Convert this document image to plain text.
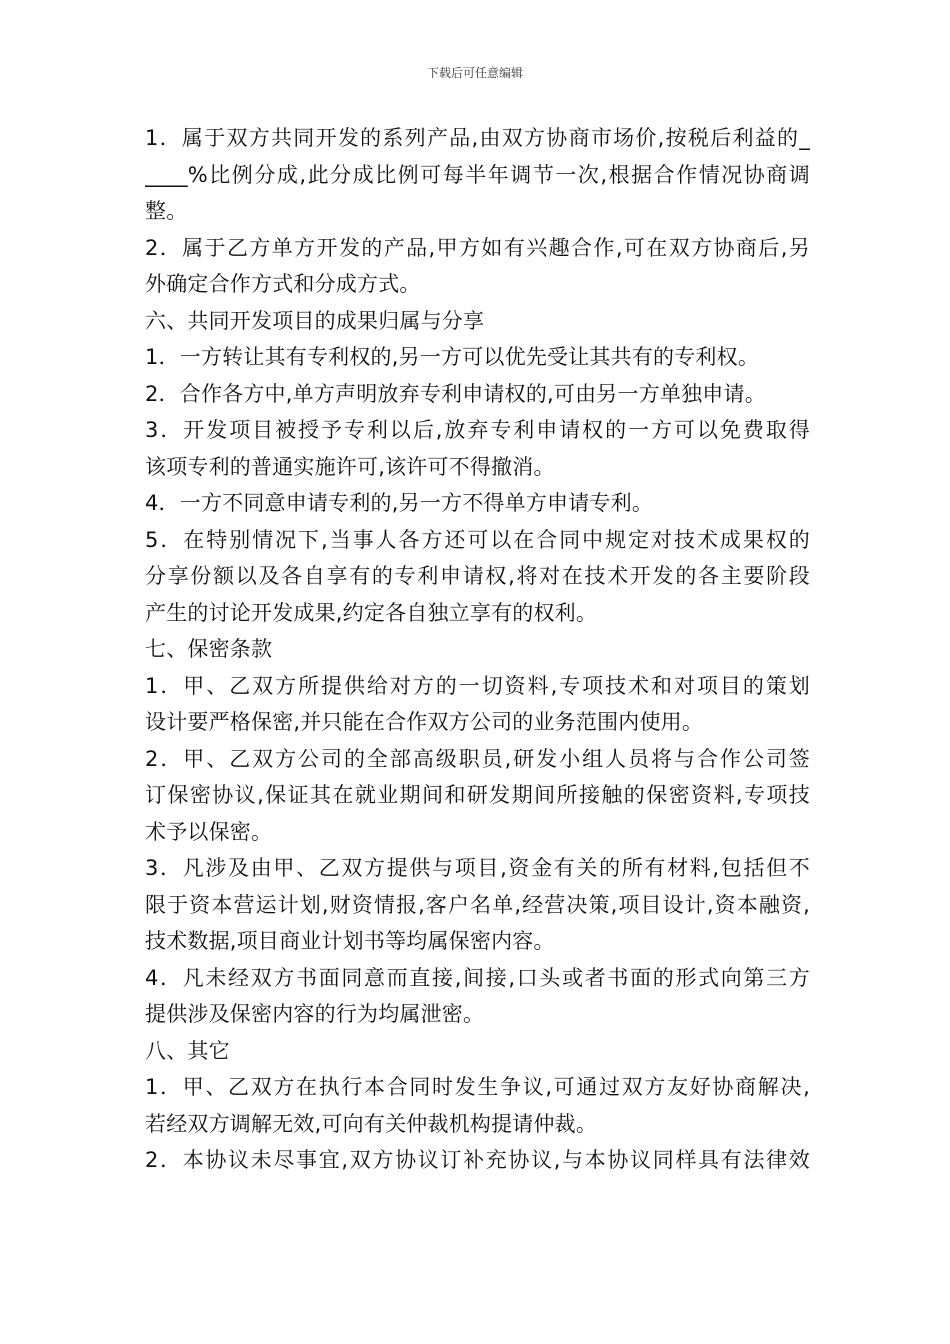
下载后可任意编辑
1．属于双方共同开发的系列产品,由双方协商市场价,按税后利益的_
____%比例分成,此分成比例可每半年调节一次,根据合作情况协商调
整。
2．属于乙方单方开发的产品,甲方如有兴趣合作,可在双方协商后,另
外确定合作方式和分成方式。
六、共同开发项目的成果归属与分享
1．一方转让其有专利权的,另一方可以优先受让其共有的专利权。
2．合作各方中,单方声明放弃专利申请权的,可由另一方单独申请。
3．开发项目被授予专利以后,放弃专利申请权的一方可以免费取得
该项专利的普通实施许可,该许可不得撤消。
4．一方不同意申请专利的,另一方不得单方申请专利。
5．在特别情况下,当事人各方还可以在合同中规定对技术成果权的
分享份额以及各自享有的专利申请权,将对在技术开发的各主要阶段
产生的讨论开发成果,约定各自独立享有的权利。
七、保密条款
1．甲、乙双方所提供给对方的一切资料,专项技术和对项目的策划
设计要严格保密,并只能在合作双方公司的业务范围内使用。
2．甲、乙双方公司的全部高级职员,研发小组人员将与合作公司签
订保密协议,保证其在就业期间和研发期间所接触的保密资料,专项技
术予以保密。
3．凡涉及由甲、乙双方提供与项目,资金有关的所有材料,包括但不
限于资本营运计划,财资情报,客户名单,经营决策,项目设计,资本融资,
技术数据,项目商业计划书等均属保密内容。
4．凡未经双方书面同意而直接,间接,口头或者书面的形式向第三方
提供涉及保密内容的行为均属泄密。
八、其它
1．甲、乙双方在执行本合同时发生争议,可通过双方友好协商解决,
若经双方调解无效,可向有关仲裁机构提请仲裁。
2．本协议未尽事宜,双方协议订补充协议,与本协议同样具有法律效
